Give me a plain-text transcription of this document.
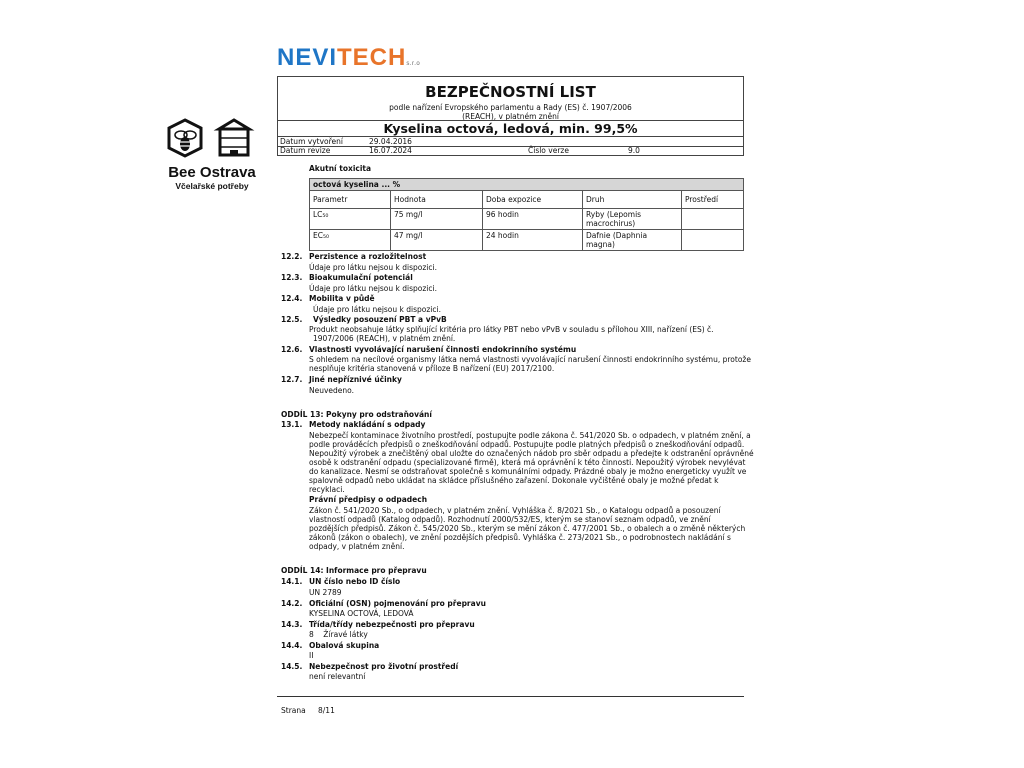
NEVITECHs.r.o
Bee Ostrava
Včelařské potřeby
BEZPEČNOSTNÍ LIST
podle nařízení Evropského parlamentu a Rady (ES) č. 1907/2006
(REACH), v platném znění
Kyselina octová, ledová, min. 99,5%
Datum vytvoření	29.04.2016
Datum revize	16.07.2024	Číslo verze	9.0
Akutní toxicita
octová kyselina ... %				
Parametr	Hodnota	Doba expozice	Druh	Prostředí
LC₅₀	75 mg/l	96 hodin	Ryby (Lepomis
macrochirus)	
EC₅₀	47 mg/l	24 hodin	Dafnie (Daphnia magna)	
12.2. Perzistence a rozložitelnost
Údaje pro látku nejsou k dispozici.
12.3. Bioakumulační potenciál
Údaje pro látku nejsou k dispozici.
12.4. Mobilita v půdě
Údaje pro látku nejsou k dispozici.
12.5. Výsledky posouzení PBT a vPvB
Produkt neobsahuje látky splňující kritéria pro látky PBT nebo vPvB v souladu s přílohou XIII, nařízení (ES) č.
1907/2006 (REACH), v platném znění.
12.6. Vlastnosti vyvolávající narušení činnosti endokrinního systému
S ohledem na necílové organismy látka nemá vlastnosti vyvolávající narušení činnosti endokrinního systému, protože
nesplňuje kritéria stanovená v příloze B nařízení (EU) 2017/2100.
12.7. Jiné nepříznivé účinky
Neuvedeno.
ODDÍL 13: Pokyny pro odstraňování
13.1. Metody nakládání s odpady
Nebezpečí kontaminace životního prostředí, postupujte podle zákona č. 541/2020 Sb. o odpadech, v platném znění, a
podle prováděcích předpisů o zneškodňování odpadů. Postupujte podle platných předpisů o zneškodňování odpadů.
Nepoužitý výrobek a znečištěný obal uložte do označených nádob pro sběr odpadu a předejte k odstranění oprávněné
osobě k odstranění odpadu (specializované firmě), která má oprávnění k této činnosti. Nepoužitý výrobek nevylévat
do kanalizace. Nesmí se odstraňovat společně s komunálními odpady. Prázdné obaly je možno energeticky využít ve
spalovně odpadů nebo ukládat na skládce příslušného zařazení. Dokonale vyčištěné obaly je možné předat k
recyklaci.
Právní předpisy o odpadech
Zákon č. 541/2020 Sb., o odpadech, v platném znění. Vyhláška č. 8/2021 Sb., o Katalogu odpadů a posouzení
vlastností odpadů (Katalog odpadů). Rozhodnutí 2000/532/ES, kterým se stanoví seznam odpadů, ve znění
pozdějších předpisů. Zákon č. 545/2020 Sb., kterým se mění zákon č. 477/2001 Sb., o obalech a o změně některých
zákonů (zákon o obalech), ve znění pozdějších předpisů. Vyhláška č. 273/2021 Sb., o podrobnostech nakládání s
odpady, v platném znění.
ODDÍL 14: Informace pro přepravu
14.1. UN číslo nebo ID číslo
UN 2789
14.2. Oficiální (OSN) pojmenování pro přepravu
KYSELINA OCTOVÁ, LEDOVÁ
14.3. Třída/třídy nebezpečnosti pro přepravu
8    Žíravé látky
14.4. Obalová skupina
II
14.5. Nebezpečnost pro životní prostředí
není relevantní
Strana 8/11
